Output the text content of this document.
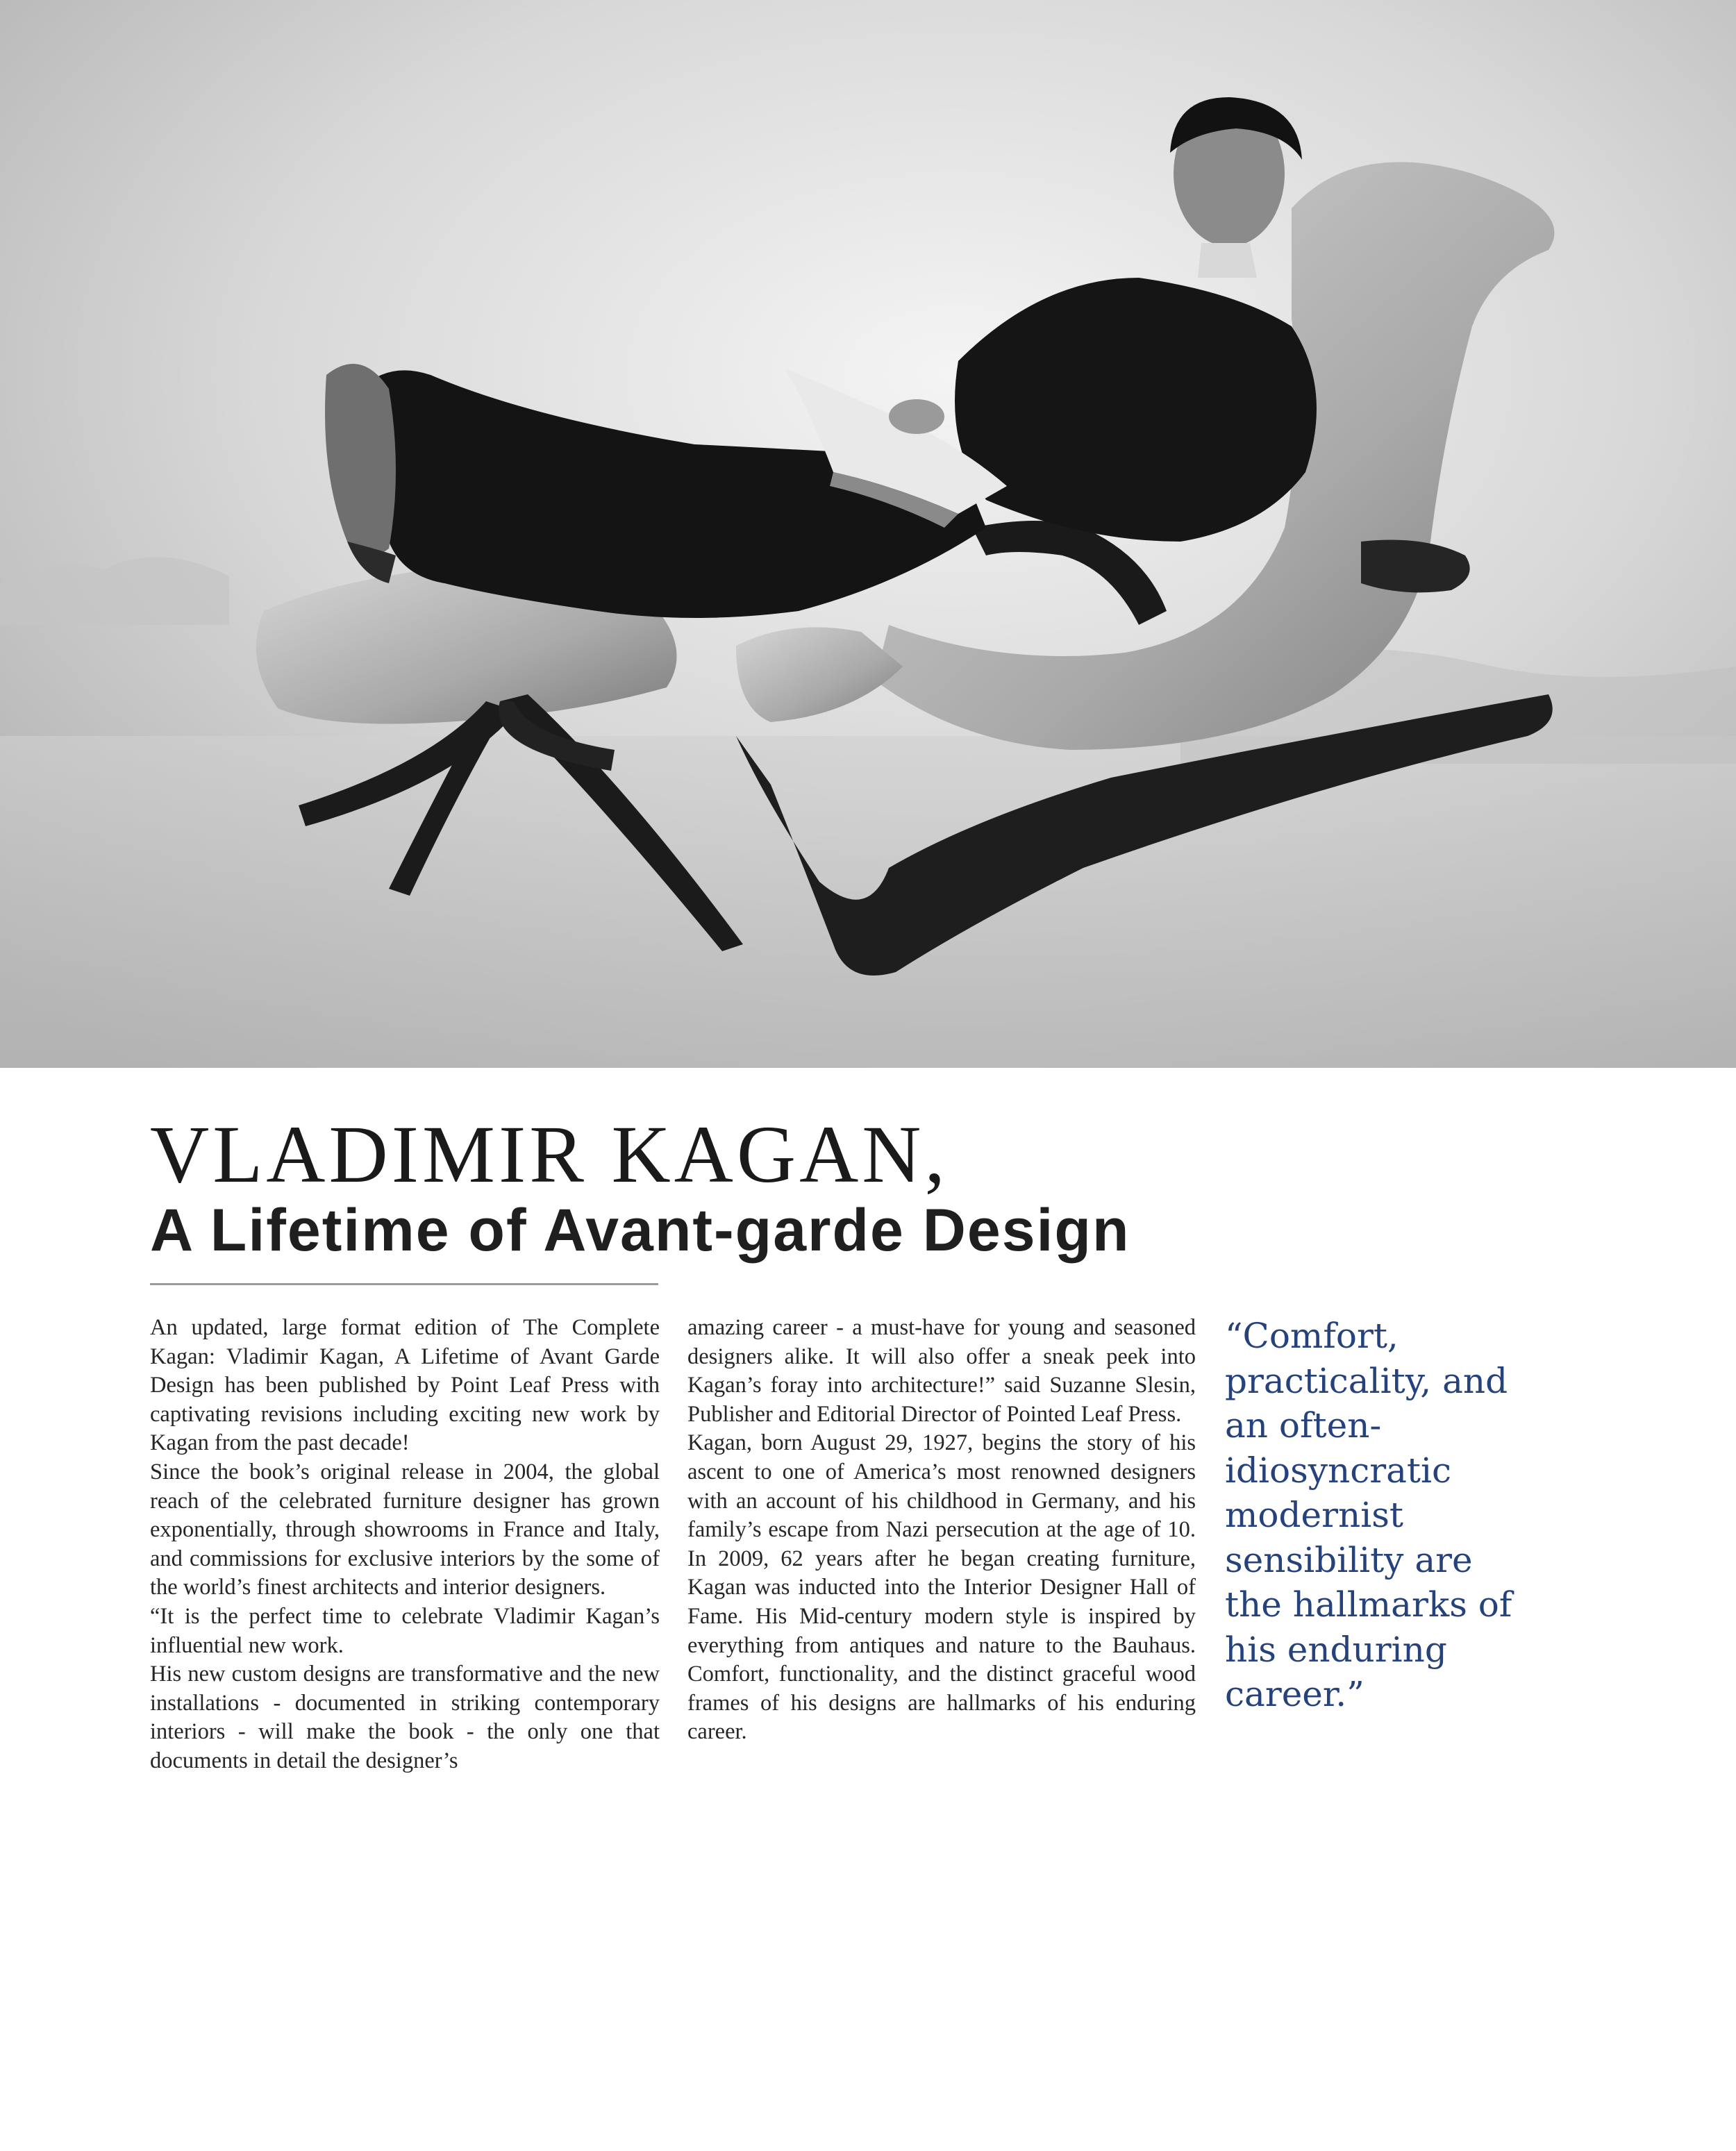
VLADIMIR KAGAN,
A Lifetime of Avant-garde Design

An updated, large format edition of The Complete Kagan: Vladimir Kagan, A Lifetime of Avant Garde Design has been published by Point Leaf Press with captivating revisions including exciting new work by Kagan from the past decade!

Since the book’s original release in 2004, the global reach of the celebrated furniture designer has grown exponentially, through showrooms in France and Italy, and commissions for exclusive interiors by the some of the world’s finest architects and interior designers.

“It is the perfect time to celebrate Vladimir Kagan’s influential new work.

His new custom designs are transformative and the new installations - documented in striking contemporary interiors - will make the book - the only one that documents in detail the designer’s

amazing career - a must-have for young and seasoned designers alike. It will also offer a sneak peek into Kagan’s foray into architecture!” said Suzanne Slesin, Publisher and Editorial Director of Pointed Leaf Press.

Kagan, born August 29, 1927, begins the story of his ascent to one of America’s most renowned designers with an account of his childhood in Germany, and his family’s escape from Nazi persecution at the age of 10. In 2009, 62 years after he began creating furniture, Kagan was inducted into the Interior Designer Hall of Fame. His Mid-century modern style is inspired by everything from antiques and nature to the Bauhaus. Comfort, functionality, and the distinct graceful wood frames of his designs are hallmarks of his enduring career.

“Comfort, practicality, and an often-idiosyncratic modernist sensibility are the hallmarks of his enduring career.”
